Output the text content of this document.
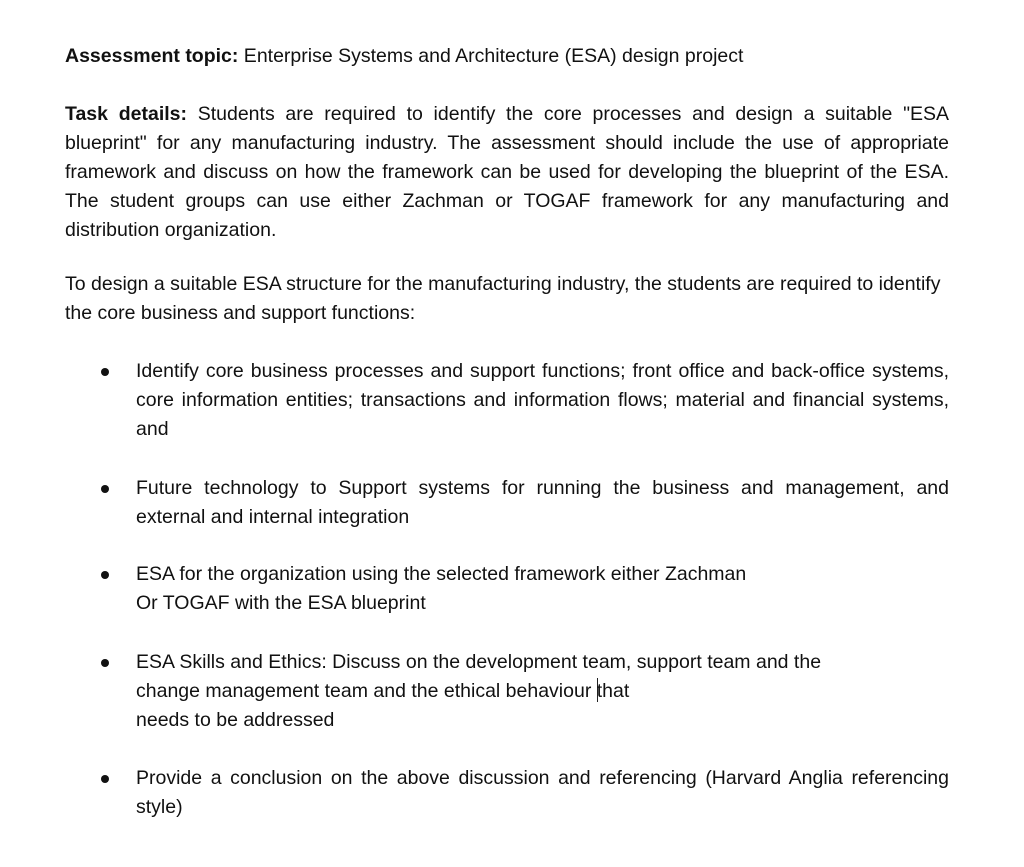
Assessment topic: Enterprise Systems and Architecture (ESA) design project

Task details: Students are required to identify the core processes and design a suitable "ESA blueprint" for any manufacturing industry. The assessment should include the use of appropriate framework and discuss on how the framework can be used for developing the blueprint of the ESA. The student groups can use either Zachman or TOGAF framework for any manufacturing and distribution organization.

To design a suitable ESA structure for the manufacturing industry, the students are required to identify the core business and support functions:

Identify core business processes and support functions; front office and back-office systems, core information entities; transactions and information flows; material and financial systems, and
Future technology to Support systems for running the business and management, and external and internal integration
ESA for the organization using the selected framework either Zachman
Or TOGAF with the ESA blueprint
ESA Skills and Ethics: Discuss on the development team, support team and the
change management team and the ethical behaviour that
needs to be addressed
Provide a conclusion on the above discussion and referencing (Harvard Anglia referencing style)
